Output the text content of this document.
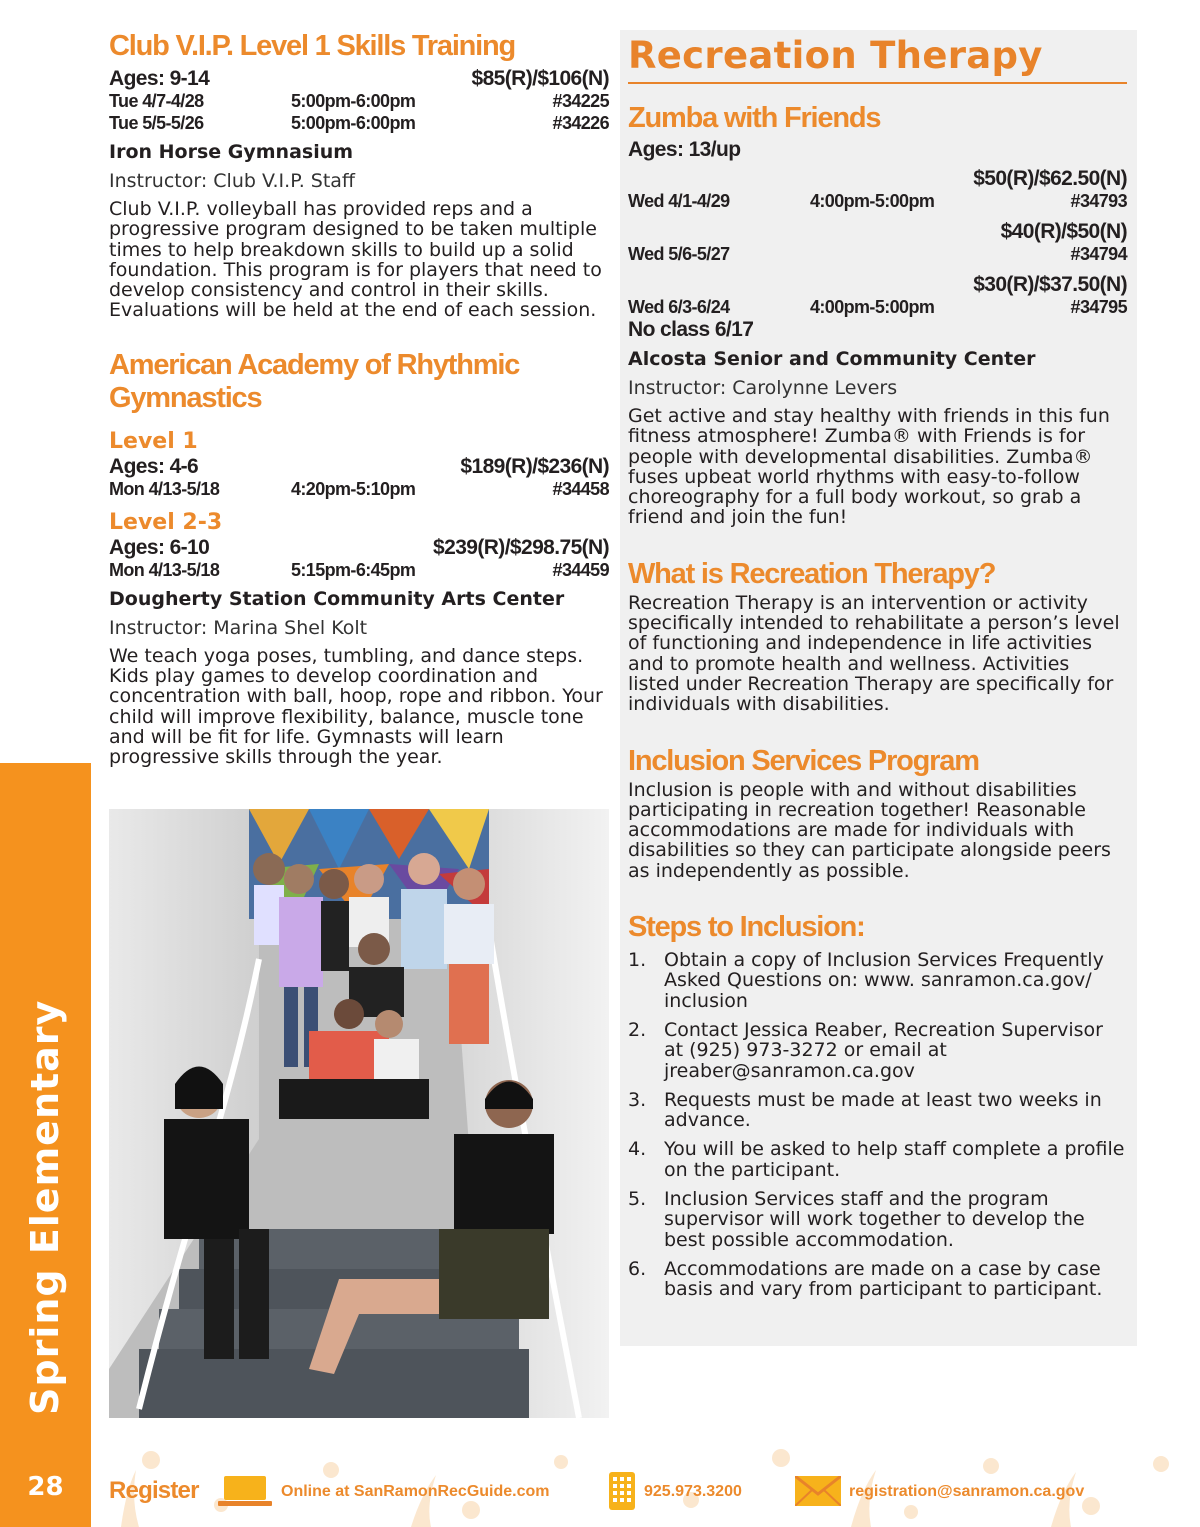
Club V.I.P. Level 1 Skills Training
Ages: 9-14	$85(R)/$106(N)
Tue 4/7-4/28	5:00pm-6:00pm	#34225
Tue 5/5-5/26	5:00pm-6:00pm	#34226
Iron Horse Gymnasium
Instructor: Club V.I.P. Staff
Club V.I.P. volleyball has provided reps and a progressive program designed to be taken multiple times to help breakdown skills to build up a solid foundation. This program is for players that need to develop consistency and control in their skills. Evaluations will be held at the end of each session.
American Academy of Rhythmic Gymnastics
Level 1
Ages: 4-6	$189(R)/$236(N)
Mon 4/13-5/18	4:20pm-5:10pm	#34458
Level 2-3
Ages: 6-10	$239(R)/$298.75(N)
Mon 4/13-5/18	5:15pm-6:45pm	#34459
Dougherty Station Community Arts Center
Instructor: Marina Shel Kolt
We teach yoga poses, tumbling, and dance steps. Kids play games to develop coordination and concentration with ball, hoop, rope and ribbon. Your child will improve flexibility, balance, muscle tone and will be fit for life. Gymnasts will learn progressive skills through the year.
Recreation Therapy
Zumba with Friends
Ages: 13/up
$50(R)/$62.50(N)
Wed 4/1-4/29	4:00pm-5:00pm	#34793
$40(R)/$50(N)
Wed 5/6-5/27	#34794
$30(R)/$37.50(N)
Wed 6/3-6/24	4:00pm-5:00pm	#34795
No class 6/17
Alcosta Senior and Community Center
Instructor: Carolynne Levers
Get active and stay healthy with friends in this fun fitness atmosphere! Zumba® with Friends is for people with developmental disabilities. Zumba® fuses upbeat world rhythms with easy-to-follow choreography for a full body workout, so grab a friend and join the fun!
What is Recreation Therapy?
Recreation Therapy is an intervention or activity specifically intended to rehabilitate a person’s level of functioning and independence in life activities and to promote health and wellness. Activities listed under Recreation Therapy are specifically for individuals with disabilities.
Inclusion Services Program
Inclusion is people with and without disabilities participating in recreation together! Reasonable accommodations are made for individuals with disabilities so they can participate alongside peers as independently as possible.
Steps to Inclusion:
1. Obtain a copy of Inclusion Services Frequently Asked Questions on: www. sanramon.ca.gov/ inclusion
2. Contact Jessica Reaber, Recreation Supervisor at (925) 973-3272 or email at jreaber@sanramon.ca.gov
3. Requests must be made at least two weeks in advance.
4. You will be asked to help staff complete a profile on the participant.
5. Inclusion Services staff and the program supervisor will work together to develop the best possible accommodation.
6. Accommodations are made on a case by case basis and vary from participant to participant.
Spring Elementary
28	Register	Online at SanRamonRecGuide.com	925.973.3200	registration@sanramon.ca.gov
